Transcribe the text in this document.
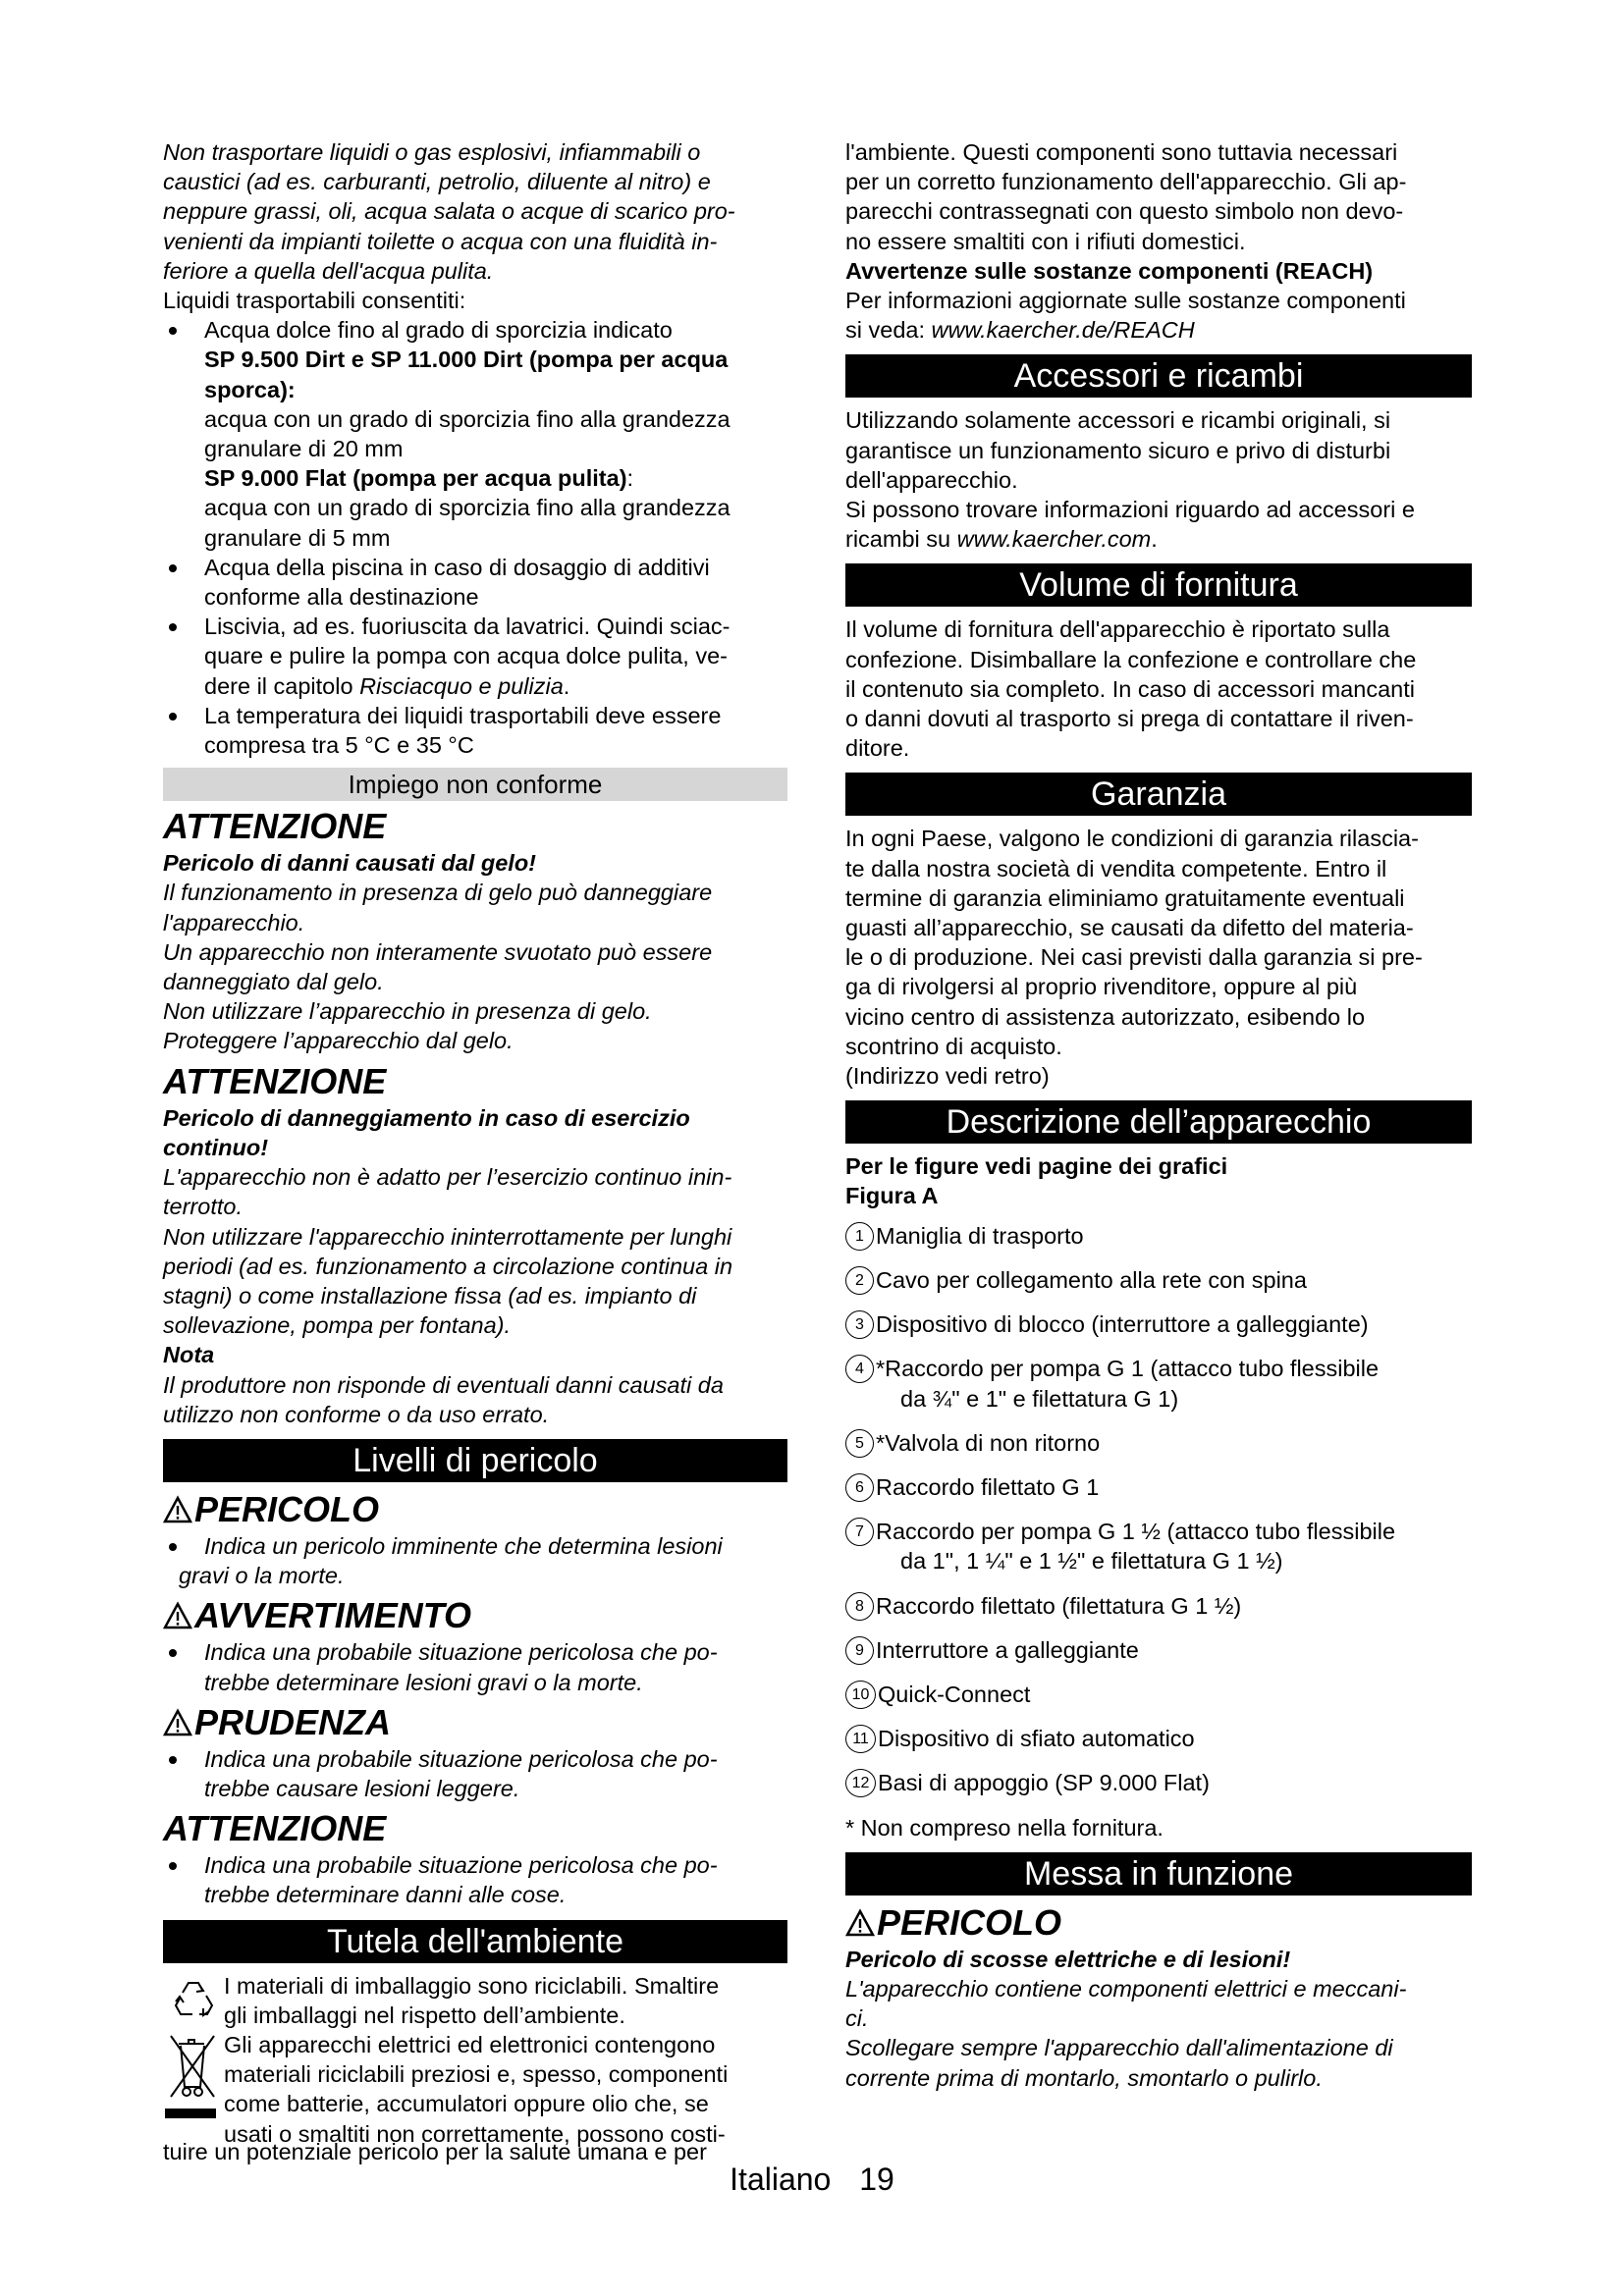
Non trasportare liquidi o gas esplosivi, infiammabili o
caustici (ad es. carburanti, petrolio, diluente al nitro) e
neppure grassi, oli, acqua salata o acque di scarico pro-
venienti da impianti toilette o acqua con una fluidità in-
feriore a quella dell'acqua pulita.
Liquidi trasportabili consentiti:
Acqua dolce fino al grado di sporcizia indicato
SP 9.500 Dirt e SP 11.000 Dirt (pompa per acqua
sporca):
acqua con un grado di sporcizia fino alla grandezza
granulare di 20 mm
SP 9.000 Flat (pompa per acqua pulita):
acqua con un grado di sporcizia fino alla grandezza
granulare di 5 mm
Acqua della piscina in caso di dosaggio di additivi
conforme alla destinazione
Liscivia, ad es. fuoriuscita da lavatrici. Quindi sciac-
quare e pulire la pompa con acqua dolce pulita, ve-
dere il capitolo Risciacquo e pulizia.
La temperatura dei liquidi trasportabili deve essere
compresa tra 5 °C e 35 °C
Impiego non conforme
ATTENZIONE
Pericolo di danni causati dal gelo!
Il funzionamento in presenza di gelo può danneggiare
l'apparecchio.
Un apparecchio non interamente svuotato può essere
danneggiato dal gelo.
Non utilizzare l’apparecchio in presenza di gelo.
Proteggere l’apparecchio dal gelo.
ATTENZIONE
Pericolo di danneggiamento in caso di esercizio
continuo!
L'apparecchio non è adatto per l’esercizio continuo inin-
terrotto.
Non utilizzare l'apparecchio ininterrottamente per lunghi
periodi (ad es. funzionamento a circolazione continua in
stagni) o come installazione fissa (ad es. impianto di
sollevazione, pompa per fontana).
Nota
Il produttore non risponde di eventuali danni causati da
utilizzo non conforme o da uso errato.
Livelli di pericolo
PERICOLO
Indica un pericolo imminente che determina lesioni
gravi o la morte.
AVVERTIMENTO
Indica una probabile situazione pericolosa che po-
trebbe determinare lesioni gravi o la morte.
PRUDENZA
Indica una probabile situazione pericolosa che po-
trebbe causare lesioni leggere.
ATTENZIONE
Indica una probabile situazione pericolosa che po-
trebbe determinare danni alle cose.
Tutela dell'ambiente
I materiali di imballaggio sono riciclabili. Smaltire
gli imballaggi nel rispetto dell’ambiente.
Gli apparecchi elettrici ed elettronici contengono
materiali riciclabili preziosi e, spesso, componenti
come batterie, accumulatori oppure olio che, se
usati o smaltiti non correttamente, possono costi-
tuire un potenziale pericolo per la salute umana e per
l'ambiente. Questi componenti sono tuttavia necessari
per un corretto funzionamento dell'apparecchio. Gli ap-
parecchi contrassegnati con questo simbolo non devo-
no essere smaltiti con i rifiuti domestici.
Avvertenze sulle sostanze componenti (REACH)
Per informazioni aggiornate sulle sostanze componenti
si veda: www.kaercher.de/REACH
Accessori e ricambi
Utilizzando solamente accessori e ricambi originali, si
garantisce un funzionamento sicuro e privo di disturbi
dell'apparecchio.
Si possono trovare informazioni riguardo ad accessori e
ricambi su www.kaercher.com.
Volume di fornitura
Il volume di fornitura dell'apparecchio è riportato sulla
confezione. Disimballare la confezione e controllare che
il contenuto sia completo. In caso di accessori mancanti
o danni dovuti al trasporto si prega di contattare il riven-
ditore.
Garanzia
In ogni Paese, valgono le condizioni di garanzia rilascia-
te dalla nostra società di vendita competente. Entro il
termine di garanzia eliminiamo gratuitamente eventuali
guasti all’apparecchio, se causati da difetto del materia-
le o di produzione. Nei casi previsti dalla garanzia si pre-
ga di rivolgersi al proprio rivenditore, oppure al più
vicino centro di assistenza autorizzato, esibendo lo
scontrino di acquisto.
(Indirizzo vedi retro)
Descrizione dell’apparecchio
Per le figure vedi pagine dei grafici
Figura A
1 Maniglia di trasporto
2 Cavo per collegamento alla rete con spina
3 Dispositivo di blocco (interruttore a galleggiante)
4 *Raccordo per pompa G 1 (attacco tubo flessibile
da ¾" e 1" e filettatura G 1)
5 *Valvola di non ritorno
6 Raccordo filettato G 1
7 Raccordo per pompa G 1 ½ (attacco tubo flessibile
da 1", 1 ¼" e 1 ½" e filettatura G 1 ½)
8 Raccordo filettato (filettatura G 1 ½)
9 Interruttore a galleggiante
10 Quick-Connect
11 Dispositivo di sfiato automatico
12 Basi di appoggio (SP 9.000 Flat)
* Non compreso nella fornitura.
Messa in funzione
PERICOLO
Pericolo di scosse elettriche e di lesioni!
L'apparecchio contiene componenti elettrici e meccani-
ci.
Scollegare sempre l'apparecchio dall'alimentazione di
corrente prima di montarlo, smontarlo o pulirlo.
Italiano 19
